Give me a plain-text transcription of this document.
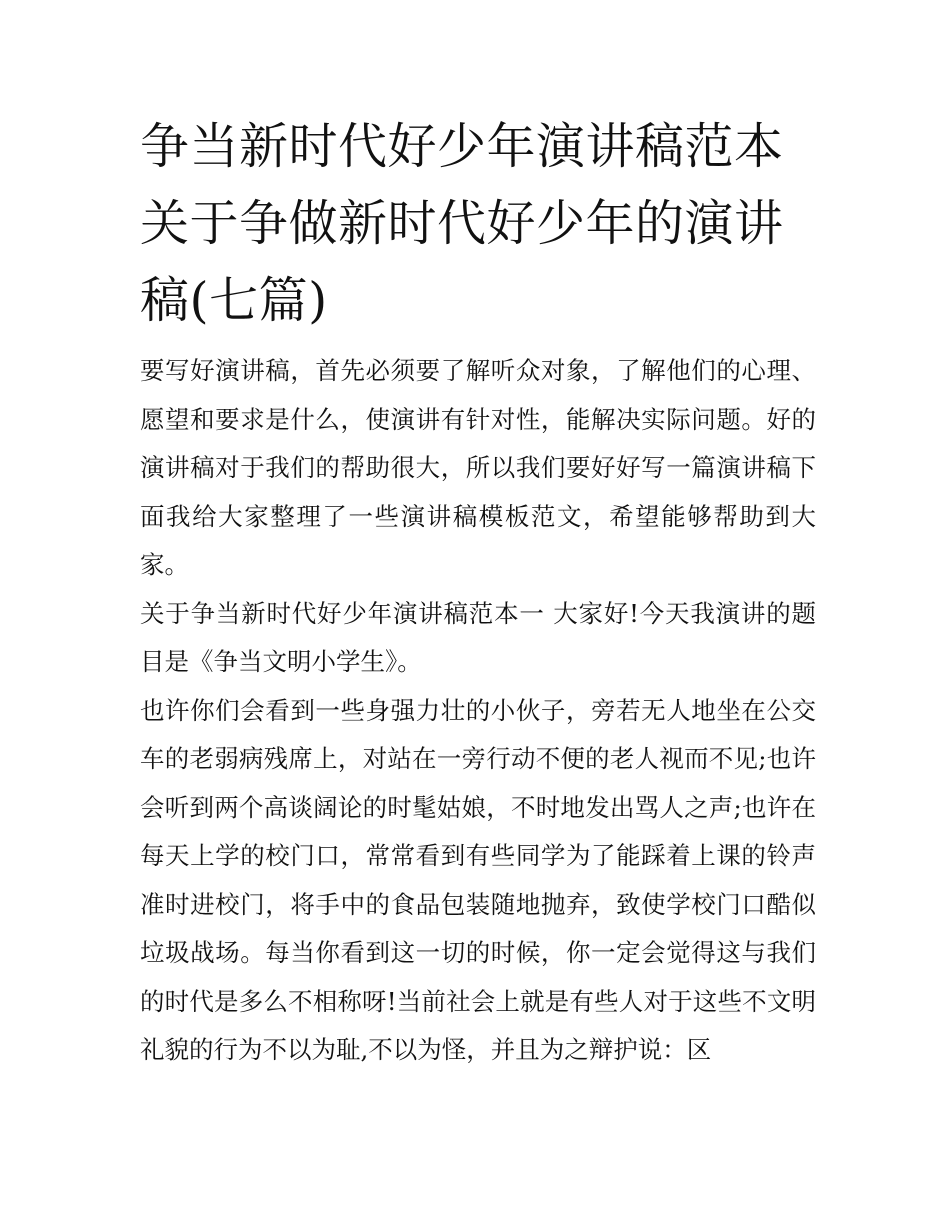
争当新时代好少年演讲稿范本关于争做新时代好少年的演讲稿(七篇)

要写好演讲稿，首先必须要了解听众对象，了解他们的心理、愿望和要求是什么，使演讲有针对性，能解决实际问题。好的演讲稿对于我们的帮助很大，所以我们要好好写一篇演讲稿下面我给大家整理了一些演讲稿模板范文，希望能够帮助到大家。

关于争当新时代好少年演讲稿范本一 大家好!今天我演讲的题目是《争当文明小学生》。

也许你们会看到一些身强力壮的小伙子，旁若无人地坐在公交车的老弱病残席上，对站在一旁行动不便的老人视而不见;也许会听到两个高谈阔论的时髦姑娘，不时地发出骂人之声;也许在每天上学的校门口，常常看到有些同学为了能踩着上课的铃声准时进校门，将手中的食品包装随地抛弃，致使学校门口酷似垃圾战场。每当你看到这一切的时候，你一定会觉得这与我们的时代是多么不相称呀!当前社会上就是有些人对于这些不文明礼貌的行为不以为耻,不以为怪，并且为之辩护说：区
